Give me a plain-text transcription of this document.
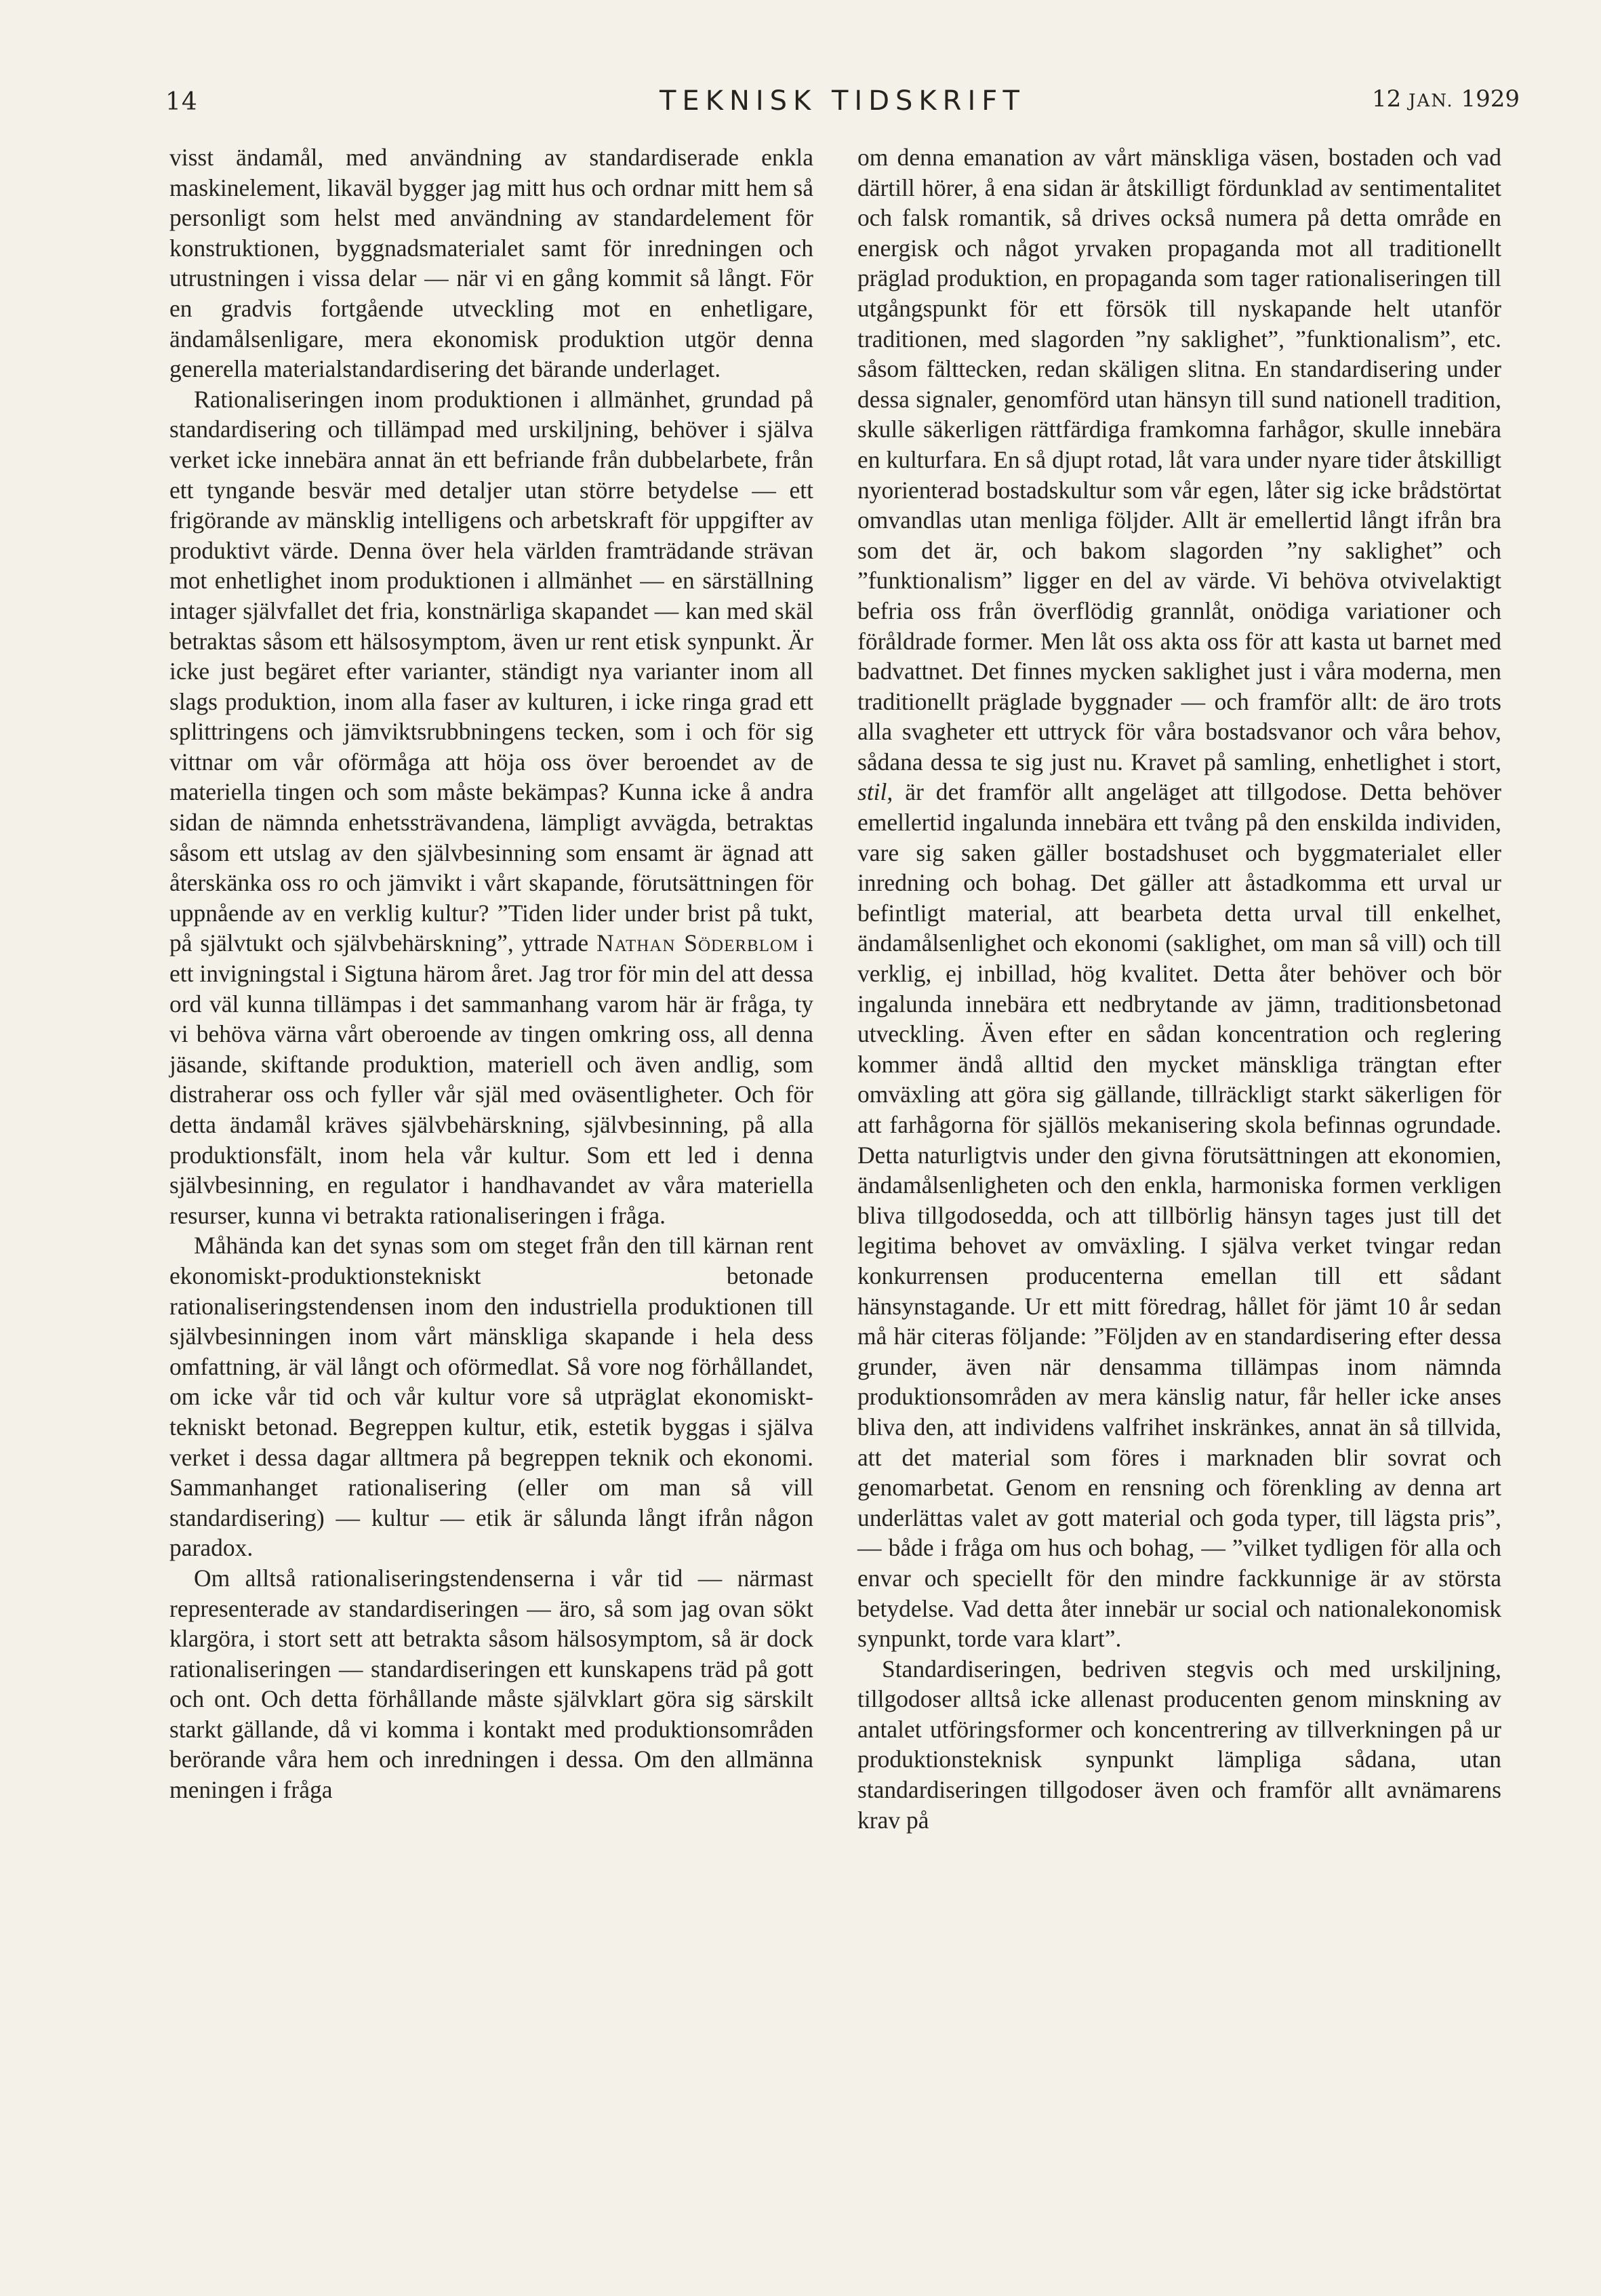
14	TEKNISK TIDSKRIFT	12 JAN. 1929

visst ändamål, med användning av standardiserade enkla maskinelement, likaväl bygger jag mitt hus och ordnar mitt hem så personligt som helst med användning av standardelement för konstruktionen, byggnadsmaterialet samt för inredningen och utrustningen i vissa delar — när vi en gång kommit så långt. För en gradvis fortgående utveckling mot en enhetligare, ändamålsenligare, mera ekonomisk produktion utgör denna generella materialstandardisering det bärande underlaget.

Rationaliseringen inom produktionen i allmänhet, grundad på standardisering och tillämpad med urskiljning, behöver i själva verket icke innebära annat än ett befriande från dubbelarbete, från ett tyngande besvär med detaljer utan större betydelse — ett frigörande av mänsklig intelligens och arbetskraft för uppgifter av produktivt värde. Denna över hela världen framträdande strävan mot enhetlighet inom produktionen i allmänhet — en särställning intager självfallet det fria, konstnärliga skapandet — kan med skäl betraktas såsom ett hälsosymptom, även ur rent etisk synpunkt. Är icke just begäret efter varianter, ständigt nya varianter inom all slags produktion, inom alla faser av kulturen, i icke ringa grad ett splittringens och jämviktsrubbningens tecken, som i och för sig vittnar om vår oförmåga att höja oss över beroendet av de materiella tingen och som måste bekämpas? Kunna icke å andra sidan de nämnda enhetssträvandena, lämpligt avvägda, betraktas såsom ett utslag av den självbesinning som ensamt är ägnad att återskänka oss ro och jämvikt i vårt skapande, förutsättningen för uppnående av en verklig kultur? ”Tiden lider under brist på tukt, på självtukt och självbehärskning”, yttrade Nathan Söderblom i ett invigningstal i Sigtuna härom året. Jag tror för min del att dessa ord väl kunna tillämpas i det sammanhang varom här är fråga, ty vi behöva värna vårt oberoende av tingen omkring oss, all denna jäsande, skiftande produktion, materiell och även andlig, som distraherar oss och fyller vår själ med oväsentligheter. Och för detta ändamål kräves självbehärskning, självbesinning, på alla produktionsfält, inom hela vår kultur. Som ett led i denna självbesinning, en regulator i handhavandet av våra materiella resurser, kunna vi betrakta rationaliseringen i fråga.

Måhända kan det synas som om steget från den till kärnan rent ekonomiskt-produktionstekniskt betonade rationaliseringstendensen inom den industriella produktionen till självbesinningen inom vårt mänskliga skapande i hela dess omfattning, är väl långt och oförmedlat. Så vore nog förhållandet, om icke vår tid och vår kultur vore så utpräglat ekonomiskt-tekniskt betonad. Begreppen kultur, etik, estetik byggas i själva verket i dessa dagar alltmera på begreppen teknik och ekonomi. Sammanhanget rationalisering (eller om man så vill standardisering) — kultur — etik är sålunda långt ifrån någon paradox.

Om alltså rationaliseringstendenserna i vår tid — närmast representerade av standardiseringen — äro, så som jag ovan sökt klargöra, i stort sett att betrakta såsom hälsosymptom, så är dock rationaliseringen — standardiseringen ett kunskapens träd på gott och ont. Och detta förhållande måste självklart göra sig särskilt starkt gällande, då vi komma i kontakt med produktionsområden berörande våra hem och inredningen i dessa. Om den allmänna meningen i fråga

om denna emanation av vårt mänskliga väsen, bostaden och vad därtill hörer, å ena sidan är åtskilligt fördunklad av sentimentalitet och falsk romantik, så drives också numera på detta område en energisk och något yrvaken propaganda mot all traditionellt präglad produktion, en propaganda som tager rationaliseringen till utgångspunkt för ett försök till nyskapande helt utanför traditionen, med slagorden ”ny saklighet”, ”funktionalism”, etc. såsom fälttecken, redan skäligen slitna. En standardisering under dessa signaler, genomförd utan hänsyn till sund nationell tradition, skulle säkerligen rättfärdiga framkomna farhågor, skulle innebära en kulturfara. En så djupt rotad, låt vara under nyare tider åtskilligt nyorienterad bostadskultur som vår egen, låter sig icke brådstörtat omvandlas utan menliga följder. Allt är emellertid långt ifrån bra som det är, och bakom slagorden ”ny saklighet” och ”funktionalism” ligger en del av värde. Vi behöva otvivelaktigt befria oss från överflödig grannlåt, onödiga variationer och föråldrade former. Men låt oss akta oss för att kasta ut barnet med badvattnet. Det finnes mycken saklighet just i våra moderna, men traditionellt präglade byggnader — och framför allt: de äro trots alla svagheter ett uttryck för våra bostadsvanor och våra behov, sådana dessa te sig just nu. Kravet på samling, enhetlighet i stort, stil, är det framför allt angeläget att tillgodose. Detta behöver emellertid ingalunda innebära ett tvång på den enskilda individen, vare sig saken gäller bostadshuset och byggmaterialet eller inredning och bohag. Det gäller att åstadkomma ett urval ur befintligt material, att bearbeta detta urval till enkelhet, ändamålsenlighet och ekonomi (saklighet, om man så vill) och till verklig, ej inbillad, hög kvalitet. Detta åter behöver och bör ingalunda innebära ett nedbrytande av jämn, traditionsbetonad utveckling. Även efter en sådan koncentration och reglering kommer ändå alltid den mycket mänskliga trängtan efter omväxling att göra sig gällande, tillräckligt starkt säkerligen för att farhågorna för själlös mekanisering skola befinnas ogrundade. Detta naturligtvis under den givna förutsättningen att ekonomien, ändamålsenligheten och den enkla, harmoniska formen verkligen bliva tillgodosedda, och att tillbörlig hänsyn tages just till det legitima behovet av omväxling. I själva verket tvingar redan konkurrensen producenterna emellan till ett sådant hänsynstagande. Ur ett mitt föredrag, hållet för jämt 10 år sedan må här citeras följande: ”Följden av en standardisering efter dessa grunder, även när densamma tillämpas inom nämnda produktionsområden av mera känslig natur, får heller icke anses bliva den, att individens valfrihet inskränkes, annat än så tillvida, att det material som föres i marknaden blir sovrat och genomarbetat. Genom en rensning och förenkling av denna art underlättas valet av gott material och goda typer, till lägsta pris”, — både i fråga om hus och bohag, — ”vilket tydligen för alla och envar och speciellt för den mindre fackkunnige är av största betydelse. Vad detta åter innebär ur social och nationalekonomisk synpunkt, torde vara klart”.

Standardiseringen, bedriven stegvis och med urskiljning, tillgodoser alltså icke allenast producenten genom minskning av antalet utföringsformer och koncentrering av tillverkningen på ur produktionsteknisk synpunkt lämpliga sådana, utan standardiseringen tillgodoser även och framför allt avnämarens krav på
